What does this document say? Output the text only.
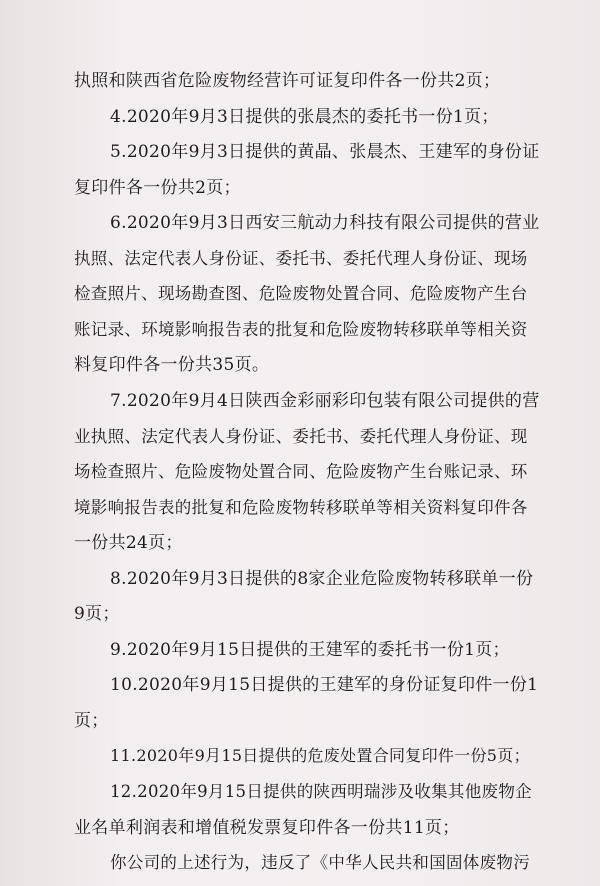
执照和陕西省危险废物经营许可证复印件各一份共2页；
4.2020年9月3日提供的张晨杰的委托书一份1页；
5.2020年9月3日提供的黄晶、张晨杰、王建军的身份证
复印件各一份共2页；
6.2020年9月3日西安三航动力科技有限公司提供的营业
执照、法定代表人身份证、委托书、委托代理人身份证、现场
检查照片、现场勘查图、危险废物处置合同、危险废物产生台
账记录、环境影响报告表的批复和危险废物转移联单等相关资
料复印件各一份共35页。
7.2020年9月4日陕西金彩丽彩印包装有限公司提供的营
业执照、法定代表人身份证、委托书、委托代理人身份证、现
场检查照片、危险废物处置合同、危险废物产生台账记录、环
境影响报告表的批复和危险废物转移联单等相关资料复印件各
一份共24页；
8.2020年9月3日提供的8家企业危险废物转移联单一份
9页；
9.2020年9月15日提供的王建军的委托书一份1页；
10.2020年9月15日提供的王建军的身份证复印件一份1
页；
11.2020年9月15日提供的危废处置合同复印件一份5页；
12.2020年9月15日提供的陕西明瑞涉及收集其他废物企
业名单利润表和增值税发票复印件各一份共11页；
你公司的上述行为，违反了《中华人民共和国固体废物污
